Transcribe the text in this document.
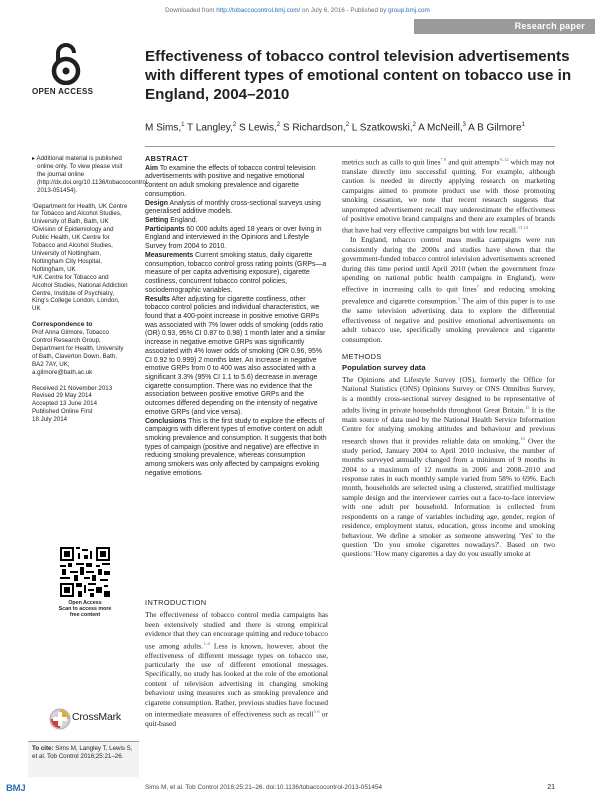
Downloaded from http://tobaccocontrol.bmj.com/ on July 6, 2016 - Published by group.bmj.com
Research paper
OPEN ACCESS
Effectiveness of tobacco control television advertisements with different types of emotional content on tobacco use in England, 2004–2010
M Sims,$^1$ T Langley,$^2$ S Lewis,$^2$ S Richardson,$^2$ L Szatkowski,$^2$ A McNeill,$^3$ A B Gilmore$^1$

▸ Additional material is published online only. To view please visit the journal online (http://dx.doi.org/10.1136/tobaccocontrol-2013-051454).

¹Department for Health, UK Centre for Tobacco and Alcohol Studies, University of Bath, Bath, UK

²Division of Epidemiology and Public Health, UK Centre for Tobacco and Alcohol Studies, University of Nottingham, Nottingham City Hospital, Nottingham, UK

³UK Centre for Tobacco and Alcohol Studies, National Addiction Centre, Institute of Psychiatry, King's College London, London, UK

Correspondence to

Prof Anna Gilmore, Tobacco Control Research Group, Department for Health, University of Bath, Claverton Down, Bath, BA2 7AY, UK; a.gilmore@bath.ac.uk

Received 21 November 2013

Revised 29 May 2014

Accepted 13 June 2014

Published Online First

18 July 2014

Open Access
Scan to access more
free content
CrossMark
To cite: Sims M, Langley T, Lewis S, et al. Tob Control 2016;25:21–26.
ABSTRACT

Aim To examine the effects of tobacco control television advertisements with positive and negative emotional content on adult smoking prevalence and cigarette consumption.

Design Analysis of monthly cross-sectional surveys using generalised additive models.

Setting England.

Participants 60 000 adults aged 18 years or over living in England and interviewed in the Opinions and Lifestyle Survey from 2004 to 2010.

Measurements Current smoking status, daily cigarette consumption, tobacco control gross rating points (GRPs—a measure of per capita advertising exposure), cigarette costliness, concurrent tobacco control policies, sociodemographic variables.

Results After adjusting for cigarette costliness, other tobacco control policies and individual characteristics, we found that a 400-point increase in positive emotive GRPs was associated with 7% lower odds of smoking (odds ratio (OR) 0.93, 95% CI 0.87 to 0.98) 1 month later and a similar increase in negative emotive GRPs was significantly associated with 4% lower odds of smoking (OR 0.96, 95% CI 0.92 to 0.999) 2 months later. An increase in negative emotive GRPs from 0 to 400 was also associated with a significant 3.3% (95% CI 1.1 to 5.6) decrease in average cigarette consumption. There was no evidence that the association between positive emotive GRPs and the outcomes differed depending on the intensity of negative emotive GRPs (and vice versa).

Conclusions This is the first study to explore the effects of campaigns with different types of emotive content on adult smoking prevalence and consumption. It suggests that both types of campaign (positive and negative) are effective in reducing smoking prevalence, whereas consumption among smokers was only affected by campaigns evoking negative emotions.

INTRODUCTION

The effectiveness of tobacco control media campaigns has been extensively studied and there is strong empirical evidence that they can encourage quitting and reduce tobacco use among adults.$^{1-4}$ Less is known, however, about the effectiveness of different message types on tobacco use, particularly the use of different emotional messages. Specifically, no study has looked at the role of the emotional content of television advertising in changing smoking behaviour using measures such as smoking prevalence and cigarette consumption. Rather, previous studies have focused on intermediate measures of effectiveness such as recall$^{5 6}$ or quit-based

metrics such as calls to quit lines$^{7 8}$ and quit attempts$^{9-12}$ which may not translate directly into successful quitting. For example, although caution is needed in directly applying research on marketing campaigns aimed to promote product use with those promoting smoking cessation, we note that recent research suggests that unprompted advertisement recall may underestimate the effectiveness of positive emotive brand campaigns and there are examples of brands that have had very effective campaigns but with low recall.$^{13 14}$

In England, tobacco control mass media campaigns were run consistently during the 2000s and studies have shown that the government-funded tobacco control television advertisements screened during this time period until April 2010 (when the government froze spending on national public health campaigns in England), were effective in increasing calls to quit lines$^7$ and reducing smoking prevalence and cigarette consumption.$^3$ The aim of this paper is to use the same television advertising data to explore the differential effectiveness of negative and positive emotional advertisements on adult tobacco use, specifically smoking prevalence and cigarette consumption.

METHODS
Population survey data

The Opinions and Lifestyle Survey (OS), formerly the Office for National Statistics (ONS) Opinions Survey or ONS Omnibus Survey, is a monthly cross-sectional survey designed to be representative of adults living in private households throughout Great Britain.$^{15}$ It is the main source of data used by the National Health Service Information Centre for studying smoking attitudes and behaviour and previous research shows that it provides reliable data on smoking.$^{16}$ Over the study period, January 2004 to April 2010 inclusive, the number of months surveyed annually changed from a minimum of 9 months in 2004 to a maximum of 12 months in 2006 and 2008–2010 and response rates in each monthly sample varied from 58% to 69%. Each month, households are selected using a clustered, stratified multistage sample design and the interviewer carries out a face-to-face interview with one adult per household. Information is collected from respondents on a range of variables including age, gender, region of residence, employment status, education, gross income and smoking behaviour. We define a smoker as someone answering 'Yes' to the question 'Do you smoke cigarettes nowadays?'. Based on two questions: 'How many cigarettes a day do you usually smoke at

BMJ	Sims M, et al. Tob Control 2016;25:21–26. doi:10.1136/tobaccocontrol-2013-051454	21
